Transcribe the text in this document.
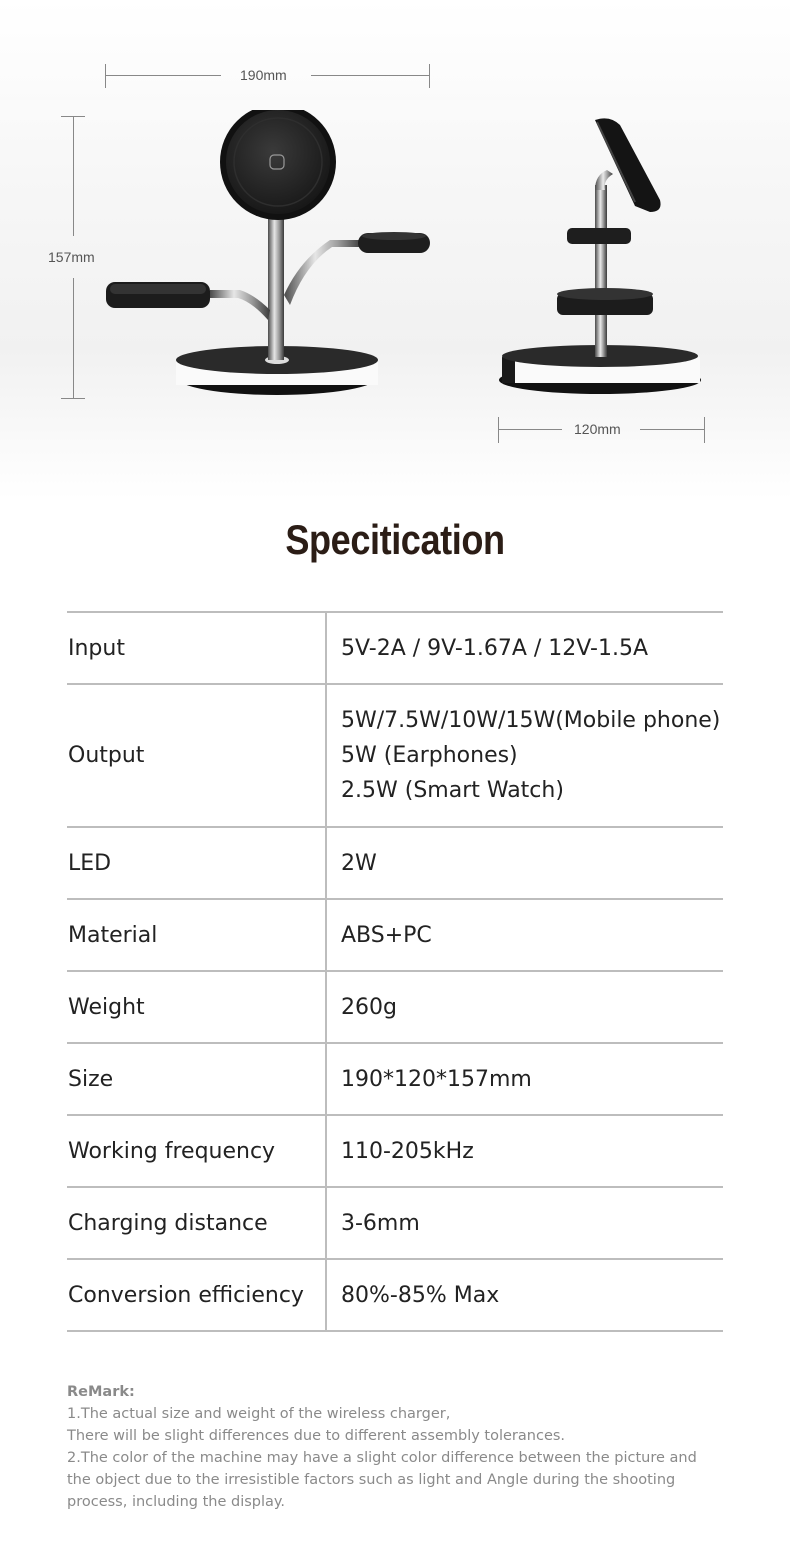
190mm
157mm
120mm
Specitication
Input	5V-2A / 9V-1.67A / 12V-1.5A
Output	5W/7.5W/10W/15W(Mobile phone)
5W (Earphones)
2.5W (Smart Watch)

LED	2W
Material	ABS+PC
Weight	260g
Size	190*120*157mm
Working frequency	110-205kHz
Charging distance	3-6mm
Conversion efficiency	80%-85% Max
ReMark:
1.The actual size and weight of the wireless charger,
There will be slight differences due to different assembly tolerances.
2.The color of the machine may have a slight color difference between the picture and
the object due to the irresistible factors such as light and Angle during the shooting
process, including the display.
